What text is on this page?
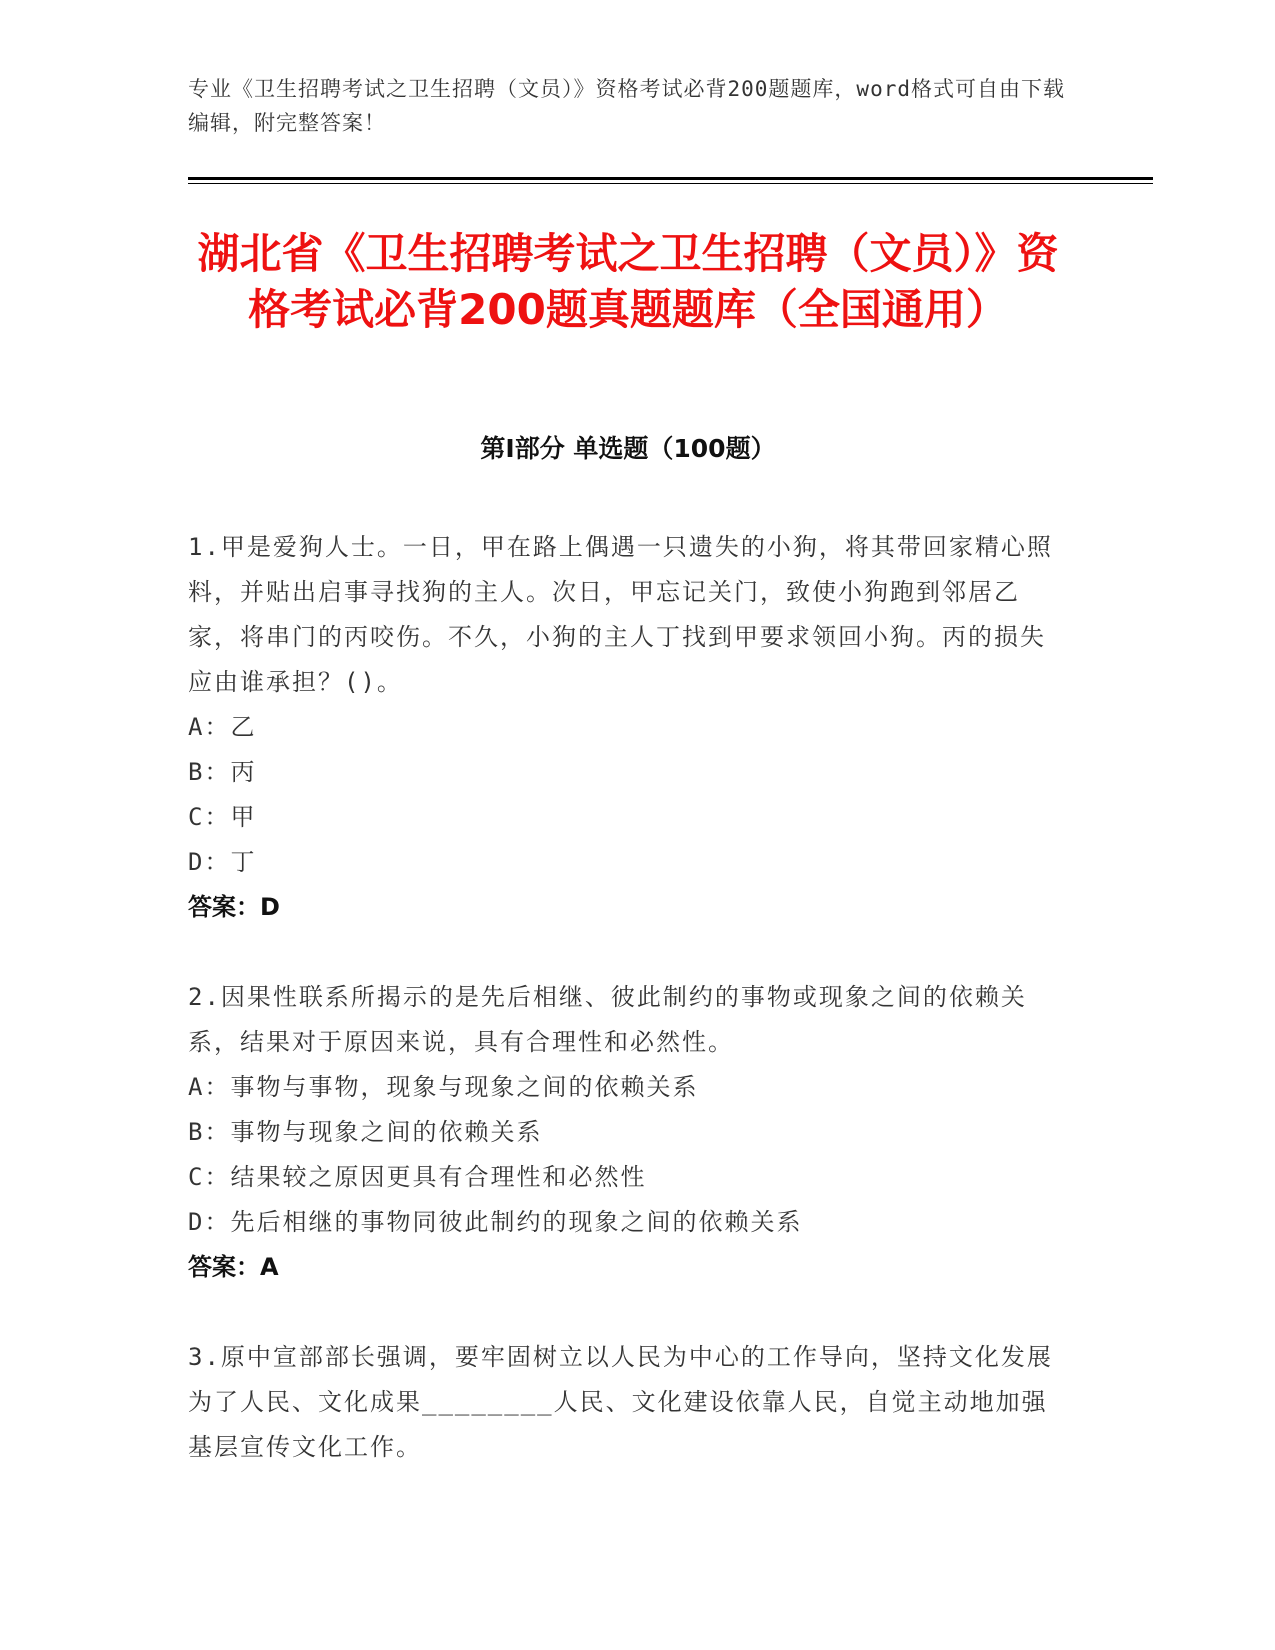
专业《卫生招聘考试之卫生招聘（文员）》资格考试必背200题题库，word格式可自由下载编辑，附完整答案！
湖北省《卫生招聘考试之卫生招聘（文员）》资格考试必背200题真题题库（全国通用）
第Ⅰ部分 单选题（100题）

1.甲是爱狗人士。一日，甲在路上偶遇一只遗失的小狗，将其带回家精心照料，并贴出启事寻找狗的主人。次日，甲忘记关门，致使小狗跑到邻居乙家，将串门的丙咬伤。不久，小狗的主人丁找到甲要求领回小狗。丙的损失应由谁承担？()。

A：乙

B：丙

C：甲

D：丁

答案：D

2.因果性联系所揭示的是先后相继、彼此制约的事物或现象之间的依赖关系，结果对于原因来说，具有合理性和必然性。

A：事物与事物，现象与现象之间的依赖关系

B：事物与现象之间的依赖关系

C：结果较之原因更具有合理性和必然性

D：先后相继的事物同彼此制约的现象之间的依赖关系

答案：A

3.原中宣部部长强调，要牢固树立以人民为中心的工作导向，坚持文化发展为了人民、文化成果________人民、文化建设依靠人民，自觉主动地加强基层宣传文化工作。
